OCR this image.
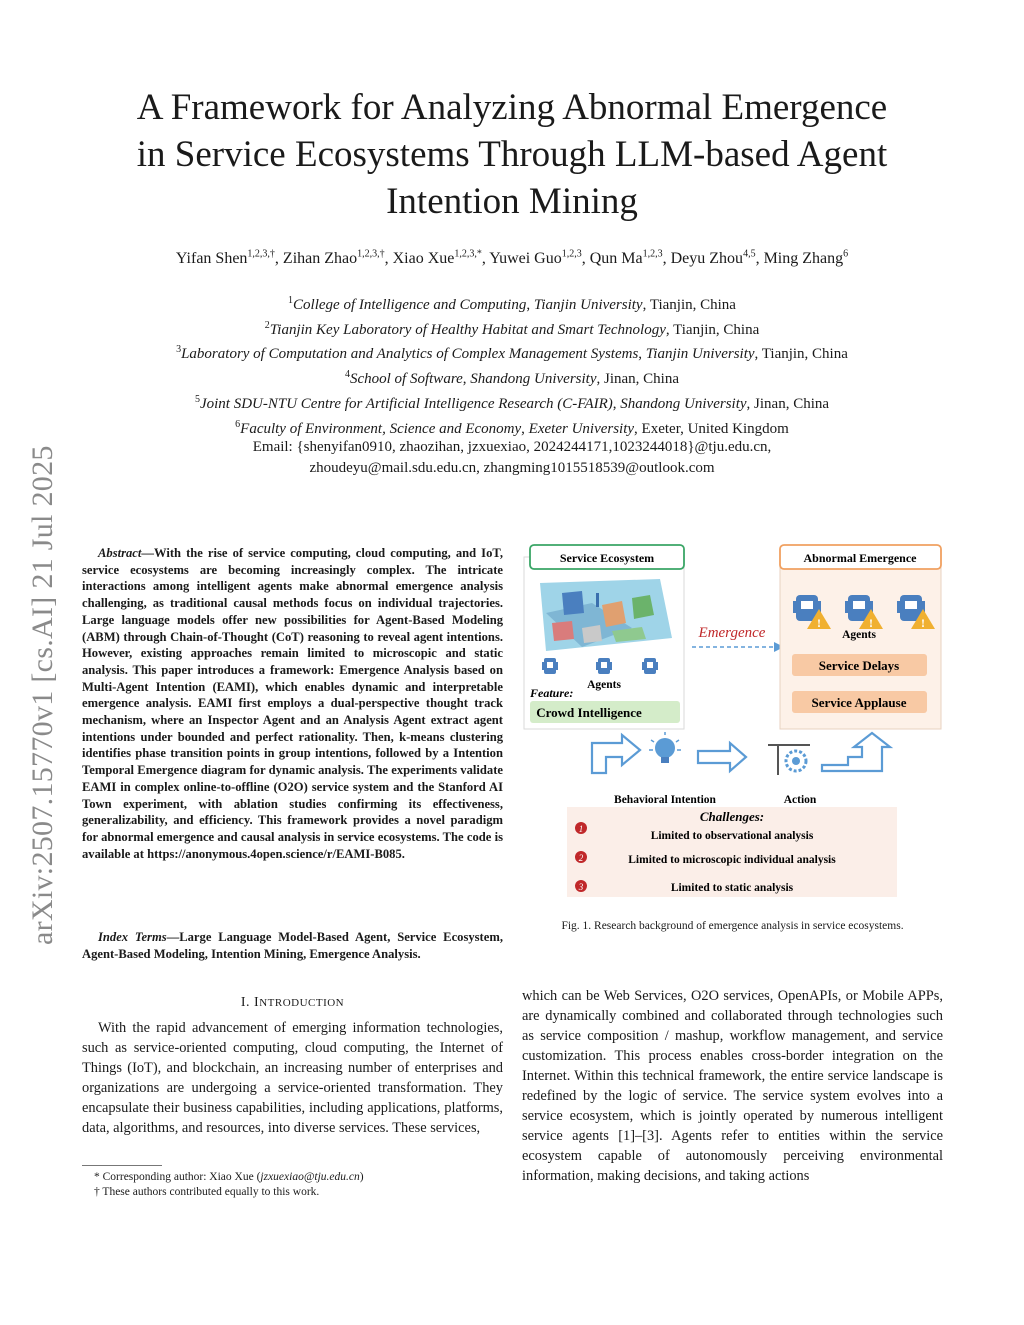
arXiv:2507.15770v1 [cs.AI] 21 Jul 2025
A Framework for Analyzing Abnormal Emergence
in Service Ecosystems Through LLM-based Agent
Intention Mining
Yifan Shen$^{1,2,3,\dagger}$, Zihan Zhao$^{1,2,3,\dagger}$, Xiao Xue$^{1,2,3,*}$, Yuwei Guo$^{1,2,3}$, Qun Ma$^{1,2,3}$, Deyu Zhou$^{4,5}$, Ming Zhang$^6$
$^1$College of Intelligence and Computing, Tianjin University, Tianjin, China
$^2$Tianjin Key Laboratory of Healthy Habitat and Smart Technology, Tianjin, China
$^3$Laboratory of Computation and Analytics of Complex Management Systems, Tianjin University, Tianjin, China
$^4$School of Software, Shandong University, Jinan, China
$^5$Joint SDU-NTU Centre for Artificial Intelligence Research (C-FAIR), Shandong University, Jinan, China
$^6$Faculty of Environment, Science and Economy, Exeter University, Exeter, United Kingdom
Email: {shenyifan0910, zhaozihan, jzxuexiao, 2024244171,1023244018}@tju.edu.cn,
zhoudeyu@mail.sdu.edu.cn, zhangming1015518539@outlook.com
Abstract—With the rise of service computing, cloud computing, and IoT, service ecosystems are becoming increasingly complex. The intricate interactions among intelligent agents make abnormal emergence analysis challenging, as traditional causal methods focus on individual trajectories. Large language models offer new possibilities for Agent-Based Modeling (ABM) through Chain-of-Thought (CoT) reasoning to reveal agent intentions. However, existing approaches remain limited to microscopic and static analysis. This paper introduces a framework: Emergence Analysis based on Multi-Agent Intention (EAMI), which enables dynamic and interpretable emergence analysis. EAMI first employs a dual-perspective thought track mechanism, where an Inspector Agent and an Analysis Agent extract agent intentions under bounded and perfect rationality. Then, k-means clustering identifies phase transition points in group intentions, followed by a Intention Temporal Emergence diagram for dynamic analysis. The experiments validate EAMI in complex online-to-offline (O2O) service system and the Stanford AI Town experiment, with ablation studies confirming its effectiveness, generalizability, and efficiency. This framework provides a novel paradigm for abnormal emergence and causal analysis in service ecosystems. The code is available at https://anonymous.4open.science/r/EAMI-B085.
Index Terms—Large Language Model-Based Agent, Service Ecosystem, Agent-Based Modeling, Intention Mining, Emergence Analysis.
I. INTRODUCTION
With the rapid advancement of emerging information technologies, such as service-oriented computing, cloud computing, the Internet of Things (IoT), and blockchain, an increasing number of enterprises and organizations are undergoing a service-oriented transformation. They encapsulate their business capabilities, including applications, platforms, data, algorithms, and resources, into diverse services. These services,
* Corresponding author: Xiao Xue (jzxuexiao@tju.edu.cn)
† These authors contributed equally to this work.
which can be Web Services, O2O services, OpenAPIs, or Mobile APPs, are dynamically combined and collaborated through technologies such as service composition / mashup, workflow management, and service customization. This process enables cross-border integration on the Internet. Within this technical framework, the entire service landscape is redefined by the logic of service. The service system evolves into a service ecosystem, which is jointly operated by numerous intelligent service agents [1]–[3]. Agents refer to entities within the service ecosystem capable of autonomously perceiving environmental information, making decisions, and taking actions
Service Ecosystem
Agents
Feature:
Crowd Intelligence
Emergence
Abnormal Emergence
!	!	!
Agents
Service Delays
Service Applause
Behavioral Intention	Action
Challenges:
1
Limited to observational analysis
2	Limited to microscopic individual analysis
3	Limited to static analysis
Fig. 1. Research background of emergence analysis in service ecosystems.
